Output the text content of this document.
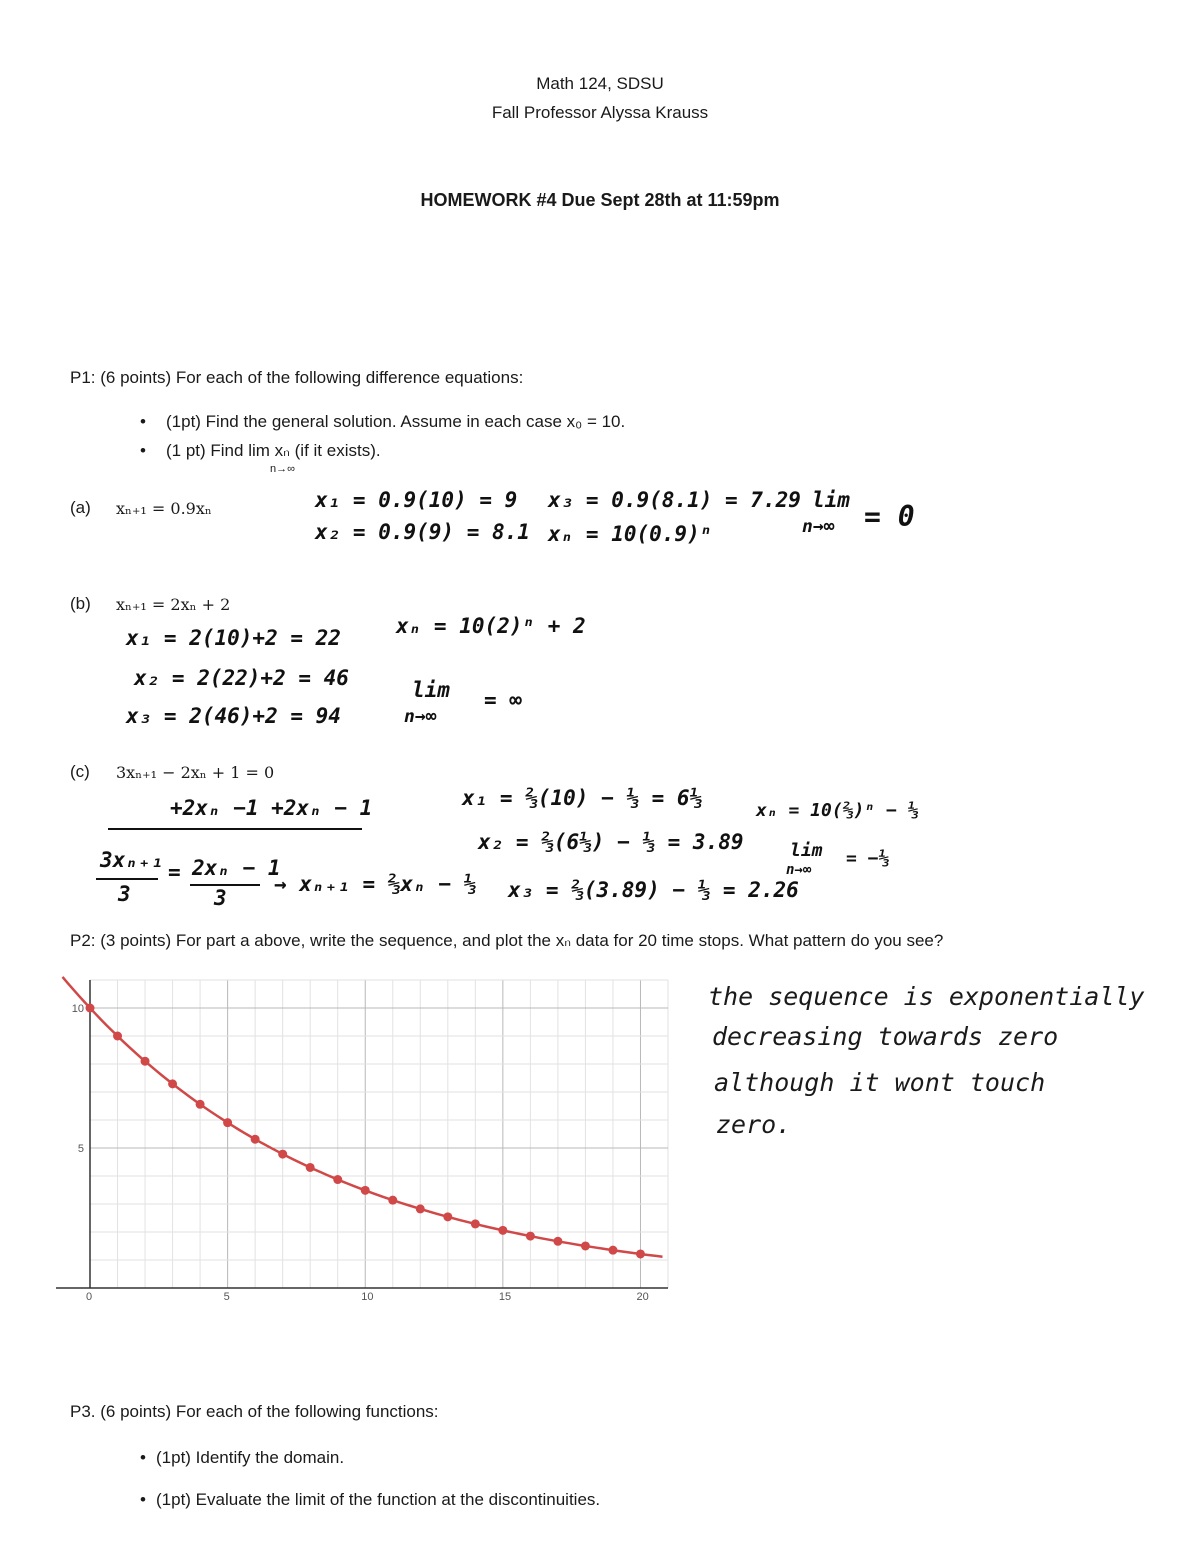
Math 124, SDSU
Fall Professor Alyssa Krauss
HOMEWORK #4 Due Sept 28th at 11:59pm
P1: (6 points) For each of the following difference equations:
• (1pt) Find the general solution. Assume in each case x₀ = 10.
• (1 pt) Find lim xₙ (if it exists).
n→∞
(a) xₙ₊₁ = 0.9xₙ	x₁ = 0.9(10) = 9
x₂ = 0.9(9) = 8.1
x₃ = 0.9(8.1) = 7.29
xₙ = 10(0.9)ⁿ
lim
n→∞ = 0
(b) xₙ₊₁ = 2xₙ + 2
x₁ = 2(10)+2 = 22
x₂ = 2(22)+2 = 46
x₃ = 2(46)+2 = 94
xₙ = 10(2)ⁿ + 2
lim
n→∞
= ∞
(c) 3xₙ₊₁ − 2xₙ + 1 = 0
+2xₙ −1 +2xₙ − 1
3xₙ₊₁
3
= 2xₙ − 1
3
→ xₙ₊₁ = ⅔xₙ − ⅓
x₁ = ⅔(10) − ⅓ = 6⅓
x₂ = ⅔(6⅓) − ⅓ = 3.89
x₃ = ⅔(3.89) − ⅓ = 2.26
xₙ = 10(⅔)ⁿ − ⅓
lim
n→∞
= −⅓
P2: (3 points) For part a above, write the sequence, and plot the xₙ data for 20 time stops. What pattern do you see?
0	5	10	15	20
5
10	the sequence is exponentially
decreasing towards zero
although it wont touch
zero.
P3. (6 points) For each of the following functions:
• (1pt) Identify the domain.
• (1pt) Evaluate the limit of the function at the discontinuities.
